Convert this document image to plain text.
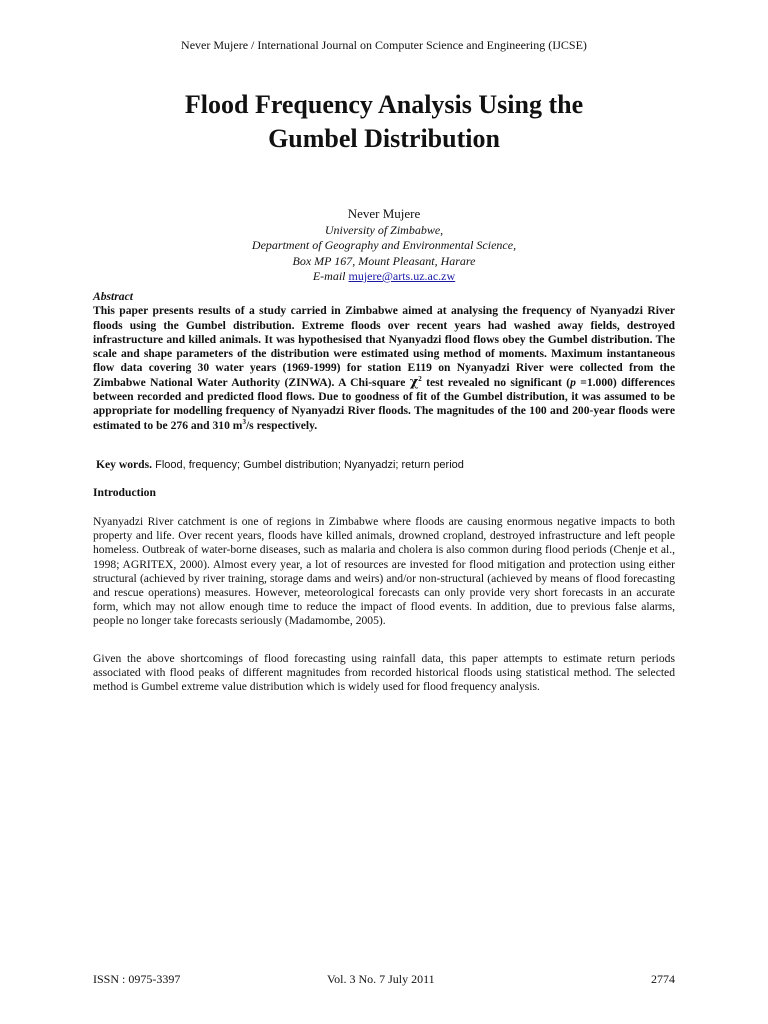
Never Mujere / International Journal on Computer Science and Engineering (IJCSE)
Flood Frequency Analysis Using the
Gumbel Distribution
Never Mujere
University of Zimbabwe,
Department of Geography and Environmental Science,
Box MP 167, Mount Pleasant, Harare
E-mail mujere@arts.uz.ac.zw
Abstract
This paper presents results of a study carried in Zimbabwe aimed at analysing the frequency of Nyanyadzi River floods using the Gumbel distribution. Extreme floods over recent years had washed away fields, destroyed infrastructure and killed animals. It was hypothesised that Nyanyadzi flood flows obey the Gumbel distribution. The scale and shape parameters of the distribution were estimated using method of moments. Maximum instantaneous flow data covering 30 water years (1969-1999) for station E119 on Nyanyadzi River were collected from the Zimbabwe National Water Authority (ZINWA). A Chi-square $\chi^2$ test revealed no significant (p =1.000) differences between recorded and predicted flood flows. Due to goodness of fit of the Gumbel distribution, it was assumed to be appropriate for modelling frequency of Nyanyadzi River floods. The magnitudes of the 100 and 200-year floods were estimated to be 276 and 310 $m^3/s$ respectively.
Key words. Flood, frequency; Gumbel distribution; Nyanyadzi; return period
Introduction
Nyanyadzi River catchment is one of regions in Zimbabwe where floods are causing enormous negative impacts to both property and life. Over recent years, floods have killed animals, drowned cropland, destroyed infrastructure and left people homeless. Outbreak of water-borne diseases, such as malaria and cholera is also common during flood periods (Chenje et al., 1998; AGRITEX, 2000). Almost every year, a lot of resources are invested for flood mitigation and protection using either structural (achieved by river training, storage dams and weirs) and/or non-structural (achieved by means of flood forecasting and rescue operations) measures. However, meteorological forecasts can only provide very short forecasts in an accurate form, which may not allow enough time to reduce the impact of flood events. In addition, due to previous false alarms, people no longer take forecasts seriously (Madamombe, 2005).
Given the above shortcomings of flood forecasting using rainfall data, this paper attempts to estimate return periods associated with flood peaks of different magnitudes from recorded historical floods using statistical method. The selected method is Gumbel extreme value distribution which is widely used for flood frequency analysis.
ISSN : 0975-3397	Vol. 3 No. 7 July 2011	2774
